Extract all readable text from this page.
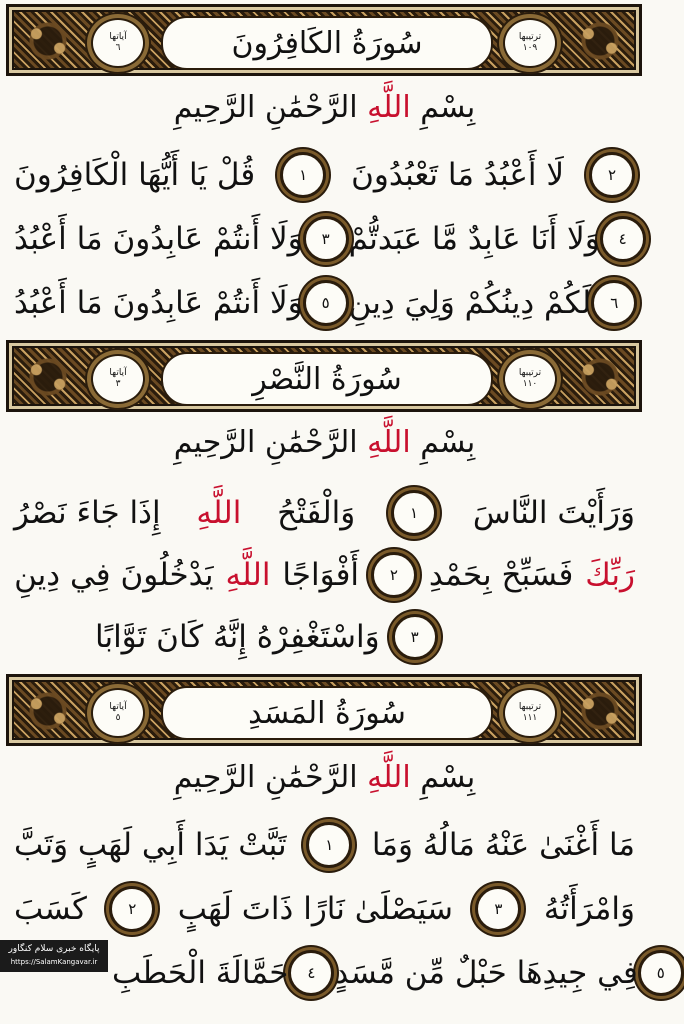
آياتها
٦	سُورَةُ الكَافِرُونَ	ترتيبها
١٠٩
بِسْمِ اللَّهِ الرَّحْمَٰنِ الرَّحِيمِ
قُلْ يَا أَيُّهَا الْكَافِرُونَ	١	لَا أَعْبُدُ مَا تَعْبُدُونَ	٢
وَلَا أَنتُمْ عَابِدُونَ مَا أَعْبُدُ	٣ وَلَا أَنَا عَابِدٌ مَّا عَبَدتُّمْ	٤
وَلَا أَنتُمْ عَابِدُونَ مَا أَعْبُدُ	٥ لَكُمْ دِينُكُمْ وَلِيَ دِينِ	٦
آياتها
٣	سُورَةُ النَّصْرِ	ترتيبها
١١٠
بِسْمِ اللَّهِ الرَّحْمَٰنِ الرَّحِيمِ
إِذَا جَاءَ نَصْرُ اللَّهِ وَالْفَتْحُ	١	وَرَأَيْتَ النَّاسَ
يَدْخُلُونَ فِي دِينِ اللَّهِ أَفْوَاجًا	٢ فَسَبِّحْ بِحَمْدِ رَبِّكَ
وَاسْتَغْفِرْهُ إِنَّهُ كَانَ تَوَّابًا	٣
آياتها
٥	سُورَةُ المَسَدِ	ترتيبها
١١١
بِسْمِ اللَّهِ الرَّحْمَٰنِ الرَّحِيمِ
تَبَّتْ يَدَا أَبِي لَهَبٍ وَتَبَّ	١	مَا أَغْنَىٰ عَنْهُ مَالُهُ وَمَا
كَسَبَ	٢	سَيَصْلَىٰ نَارًا ذَاتَ لَهَبٍ	٣	وَامْرَأَتُهُ
حَمَّالَةَ الْحَطَبِ	٤ فِي جِيدِهَا حَبْلٌ مِّن مَّسَدٍ	٥
پایگاه خبری سلام کنگاور
https://SalamKangavar.ir
